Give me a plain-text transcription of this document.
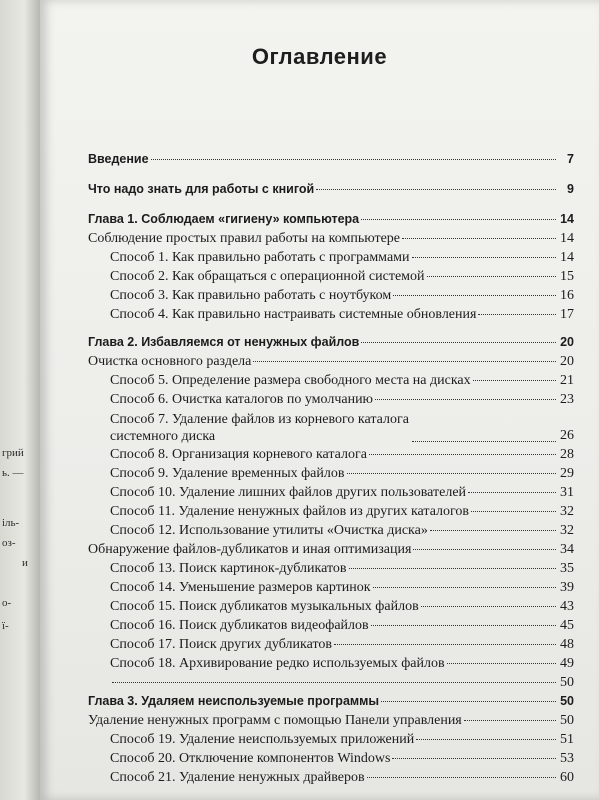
грий
ь. —
іль-
оз-
и
о-
ї-
Оглавление
Введение	7
Что надо знать для работы с книгой	9
Глава 1. Соблюдаем «гигиену» компьютера	14
Соблюдение простых правил работы на компьютере	14
Способ 1. Как правильно работать с программами	14
Способ 2. Как обращаться с операционной системой	15
Способ 3. Как правильно работать с ноутбуком	16
Способ 4. Как правильно настраивать системные обновления	17
Глава 2. Избавляемся от ненужных файлов	20
Очистка основного раздела	20
Способ 5. Определение размера свободного места на дисках	21
Способ 6. Очистка каталогов по умолчанию	23
Способ 7. Удаление файлов из корневого каталога системного диска	26
Способ 8. Организация корневого каталога	28
Способ 9. Удаление временных файлов	29
Способ 10. Удаление лишних файлов других пользователей	31
Способ 11. Удаление ненужных файлов из других каталогов	32
Способ 12. Использование утилиты «Очистка диска»	32
Обнаружение файлов-дубликатов и иная оптимизация	34
Способ 13. Поиск картинок-дубликатов	35
Способ 14. Уменьшение размеров картинок	39
Способ 15. Поиск дубликатов музыкальных файлов	43
Способ 16. Поиск дубликатов видеофайлов	45
Способ 17. Поиск других дубликатов	48
Способ 18. Архивирование редко используемых файлов	49
50
Глава 3. Удаляем неиспользуемые программы	50
Удаление ненужных программ с помощью Панели управления	50
Способ 19. Удаление неиспользуемых приложений	51
Способ 20. Отключение компонентов Windows	53
Способ 21. Удаление ненужных драйверов	60
